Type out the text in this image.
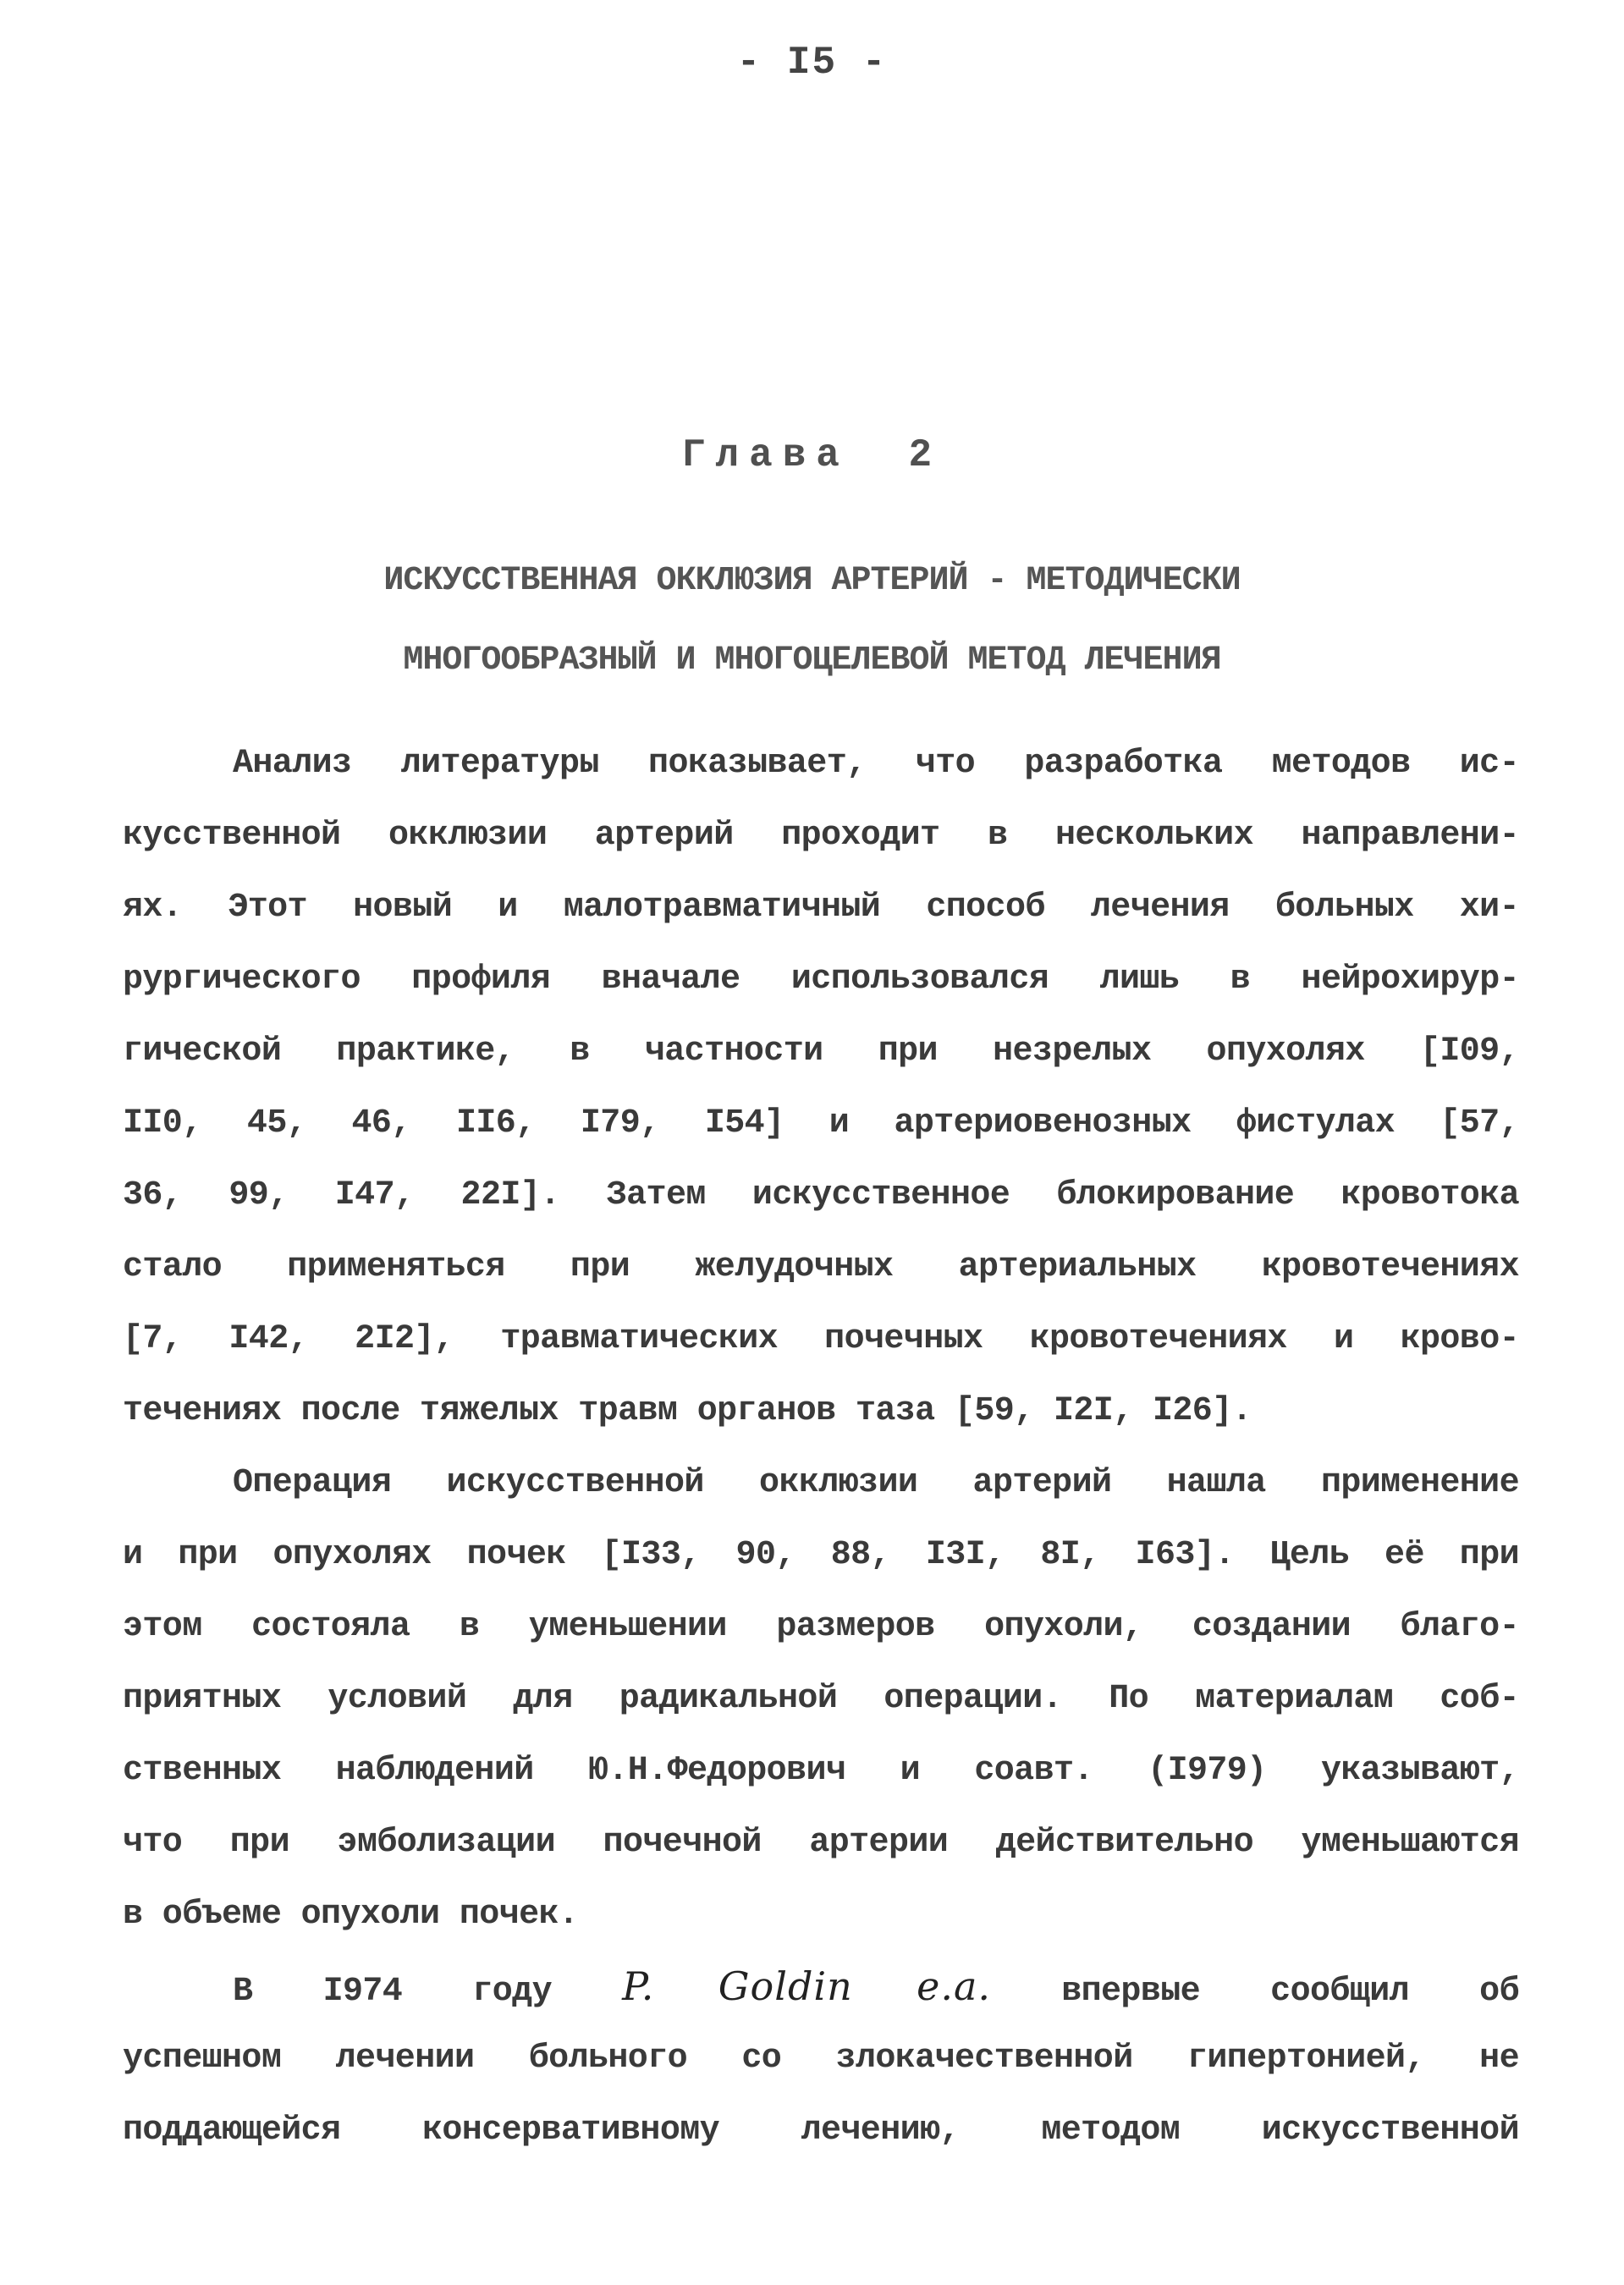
- I5 -
Глава 2
ИСКУССТВЕННАЯ ОККЛЮЗИЯ АРТЕРИЙ - МЕТОДИЧЕСКИ
МНОГООБРАЗНЫЙ И МНОГОЦЕЛЕВОЙ МЕТОД ЛЕЧЕНИЯ
Анализ литературы показывает, что разработка методов ис-
кусственной окклюзии артерий проходит в нескольких направлени-
ях. Этот новый и малотравматичный способ лечения больных хи-
рургического профиля вначале использовался лишь в нейрохирур-
гической практике, в частности при незрелых опухолях [I09,
II0, 45, 46, II6, I79, I54] и артериовенозных фистулах [57,
36, 99, I47, 22I]. Затем искусственное блокирование кровотока
стало применяться при желудочных артериальных кровотечениях
[7, I42, 2I2], травматических почечных кровотечениях и крово-
течениях после тяжелых травм органов таза [59, I2I, I26].
Операция искусственной окклюзии артерий нашла применение
и при опухолях почек [I33, 90, 88, I3I, 8I, I63]. Цель её при
этом состояла в уменьшении размеров опухоли, создании благо-
приятных условий для радикальной операции. По материалам соб-
ственных наблюдений Ю.Н.Федорович и соавт. (I979) указывают,
что при эмболизации почечной артерии действительно уменьшаются
в объеме опухоли почек.
В I974 году P. Goldin e.a. впервые сообщил об
успешном лечении больного со злокачественной гипертонией, не
поддающейся консервативному лечению, методом искусственной
